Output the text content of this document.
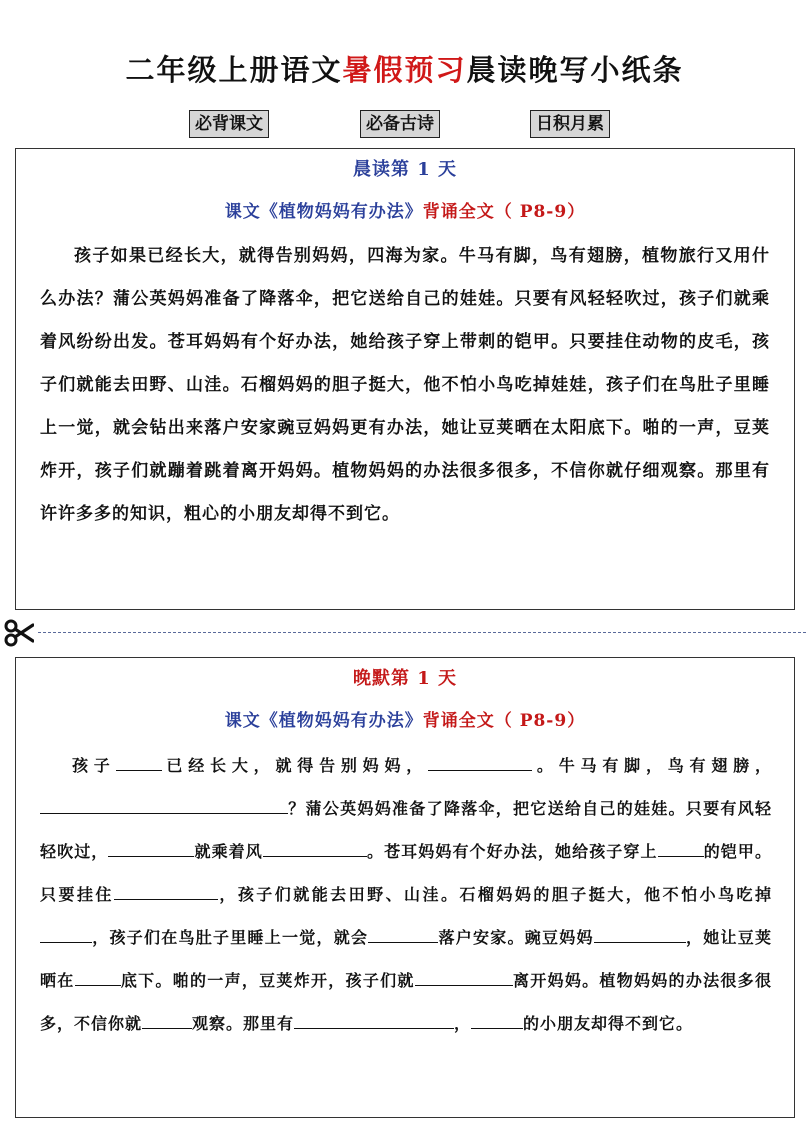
二年级上册语文暑假预习晨读晚写小纸条
必背课文	必备古诗	日积月累
晨读第 1 天
课文《植物妈妈有办法》背诵全文（ P8-9）
孩子如果已经长大，就得告别妈妈，四海为家。牛马有脚，鸟有翅膀，植物旅行又用什么办法？蒲公英妈妈准备了降落伞，把它送给自己的娃娃。只要有风轻轻吹过，孩子们就乘着风纷纷出发。苍耳妈妈有个好办法，她给孩子穿上带刺的铠甲。只要挂住动物的皮毛，孩子们就能去田野、山洼。石榴妈妈的胆子挺大，他不怕小鸟吃掉娃娃，孩子们在鸟肚子里睡上一觉，就会钻出来落户安家豌豆妈妈更有办法，她让豆荚晒在太阳底下。啪的一声，豆荚炸开，孩子们就蹦着跳着离开妈妈。植物妈妈的办法很多很多，不信你就仔细观察。那里有许许多多的知识，粗心的小朋友却得不到它。
晚默第 1 天
课文《植物妈妈有办法》背诵全文（ P8-9）
孩子	已经长大，就得告别妈妈，	。牛马有脚，鸟有翅膀，？蒲公英妈妈准备了降落伞，把它送给自己的娃娃。只要有风轻轻吹过，	就乘着风	。苍耳妈妈有个好办法，她给孩子穿上	的铠甲。只要挂住	，孩子们就能去田野、山洼。石榴妈妈的胆子挺大，他不怕小鸟吃掉，孩子们在鸟肚子里睡上一觉，就会	落户安家。豌豆妈妈	，她让豆荚晒在	底下。啪的一声，豆荚炸开，孩子们就	离开妈妈。植物妈妈的办法很多很多，不信你就	观察。那里有	，	的小朋友却得不到它。
